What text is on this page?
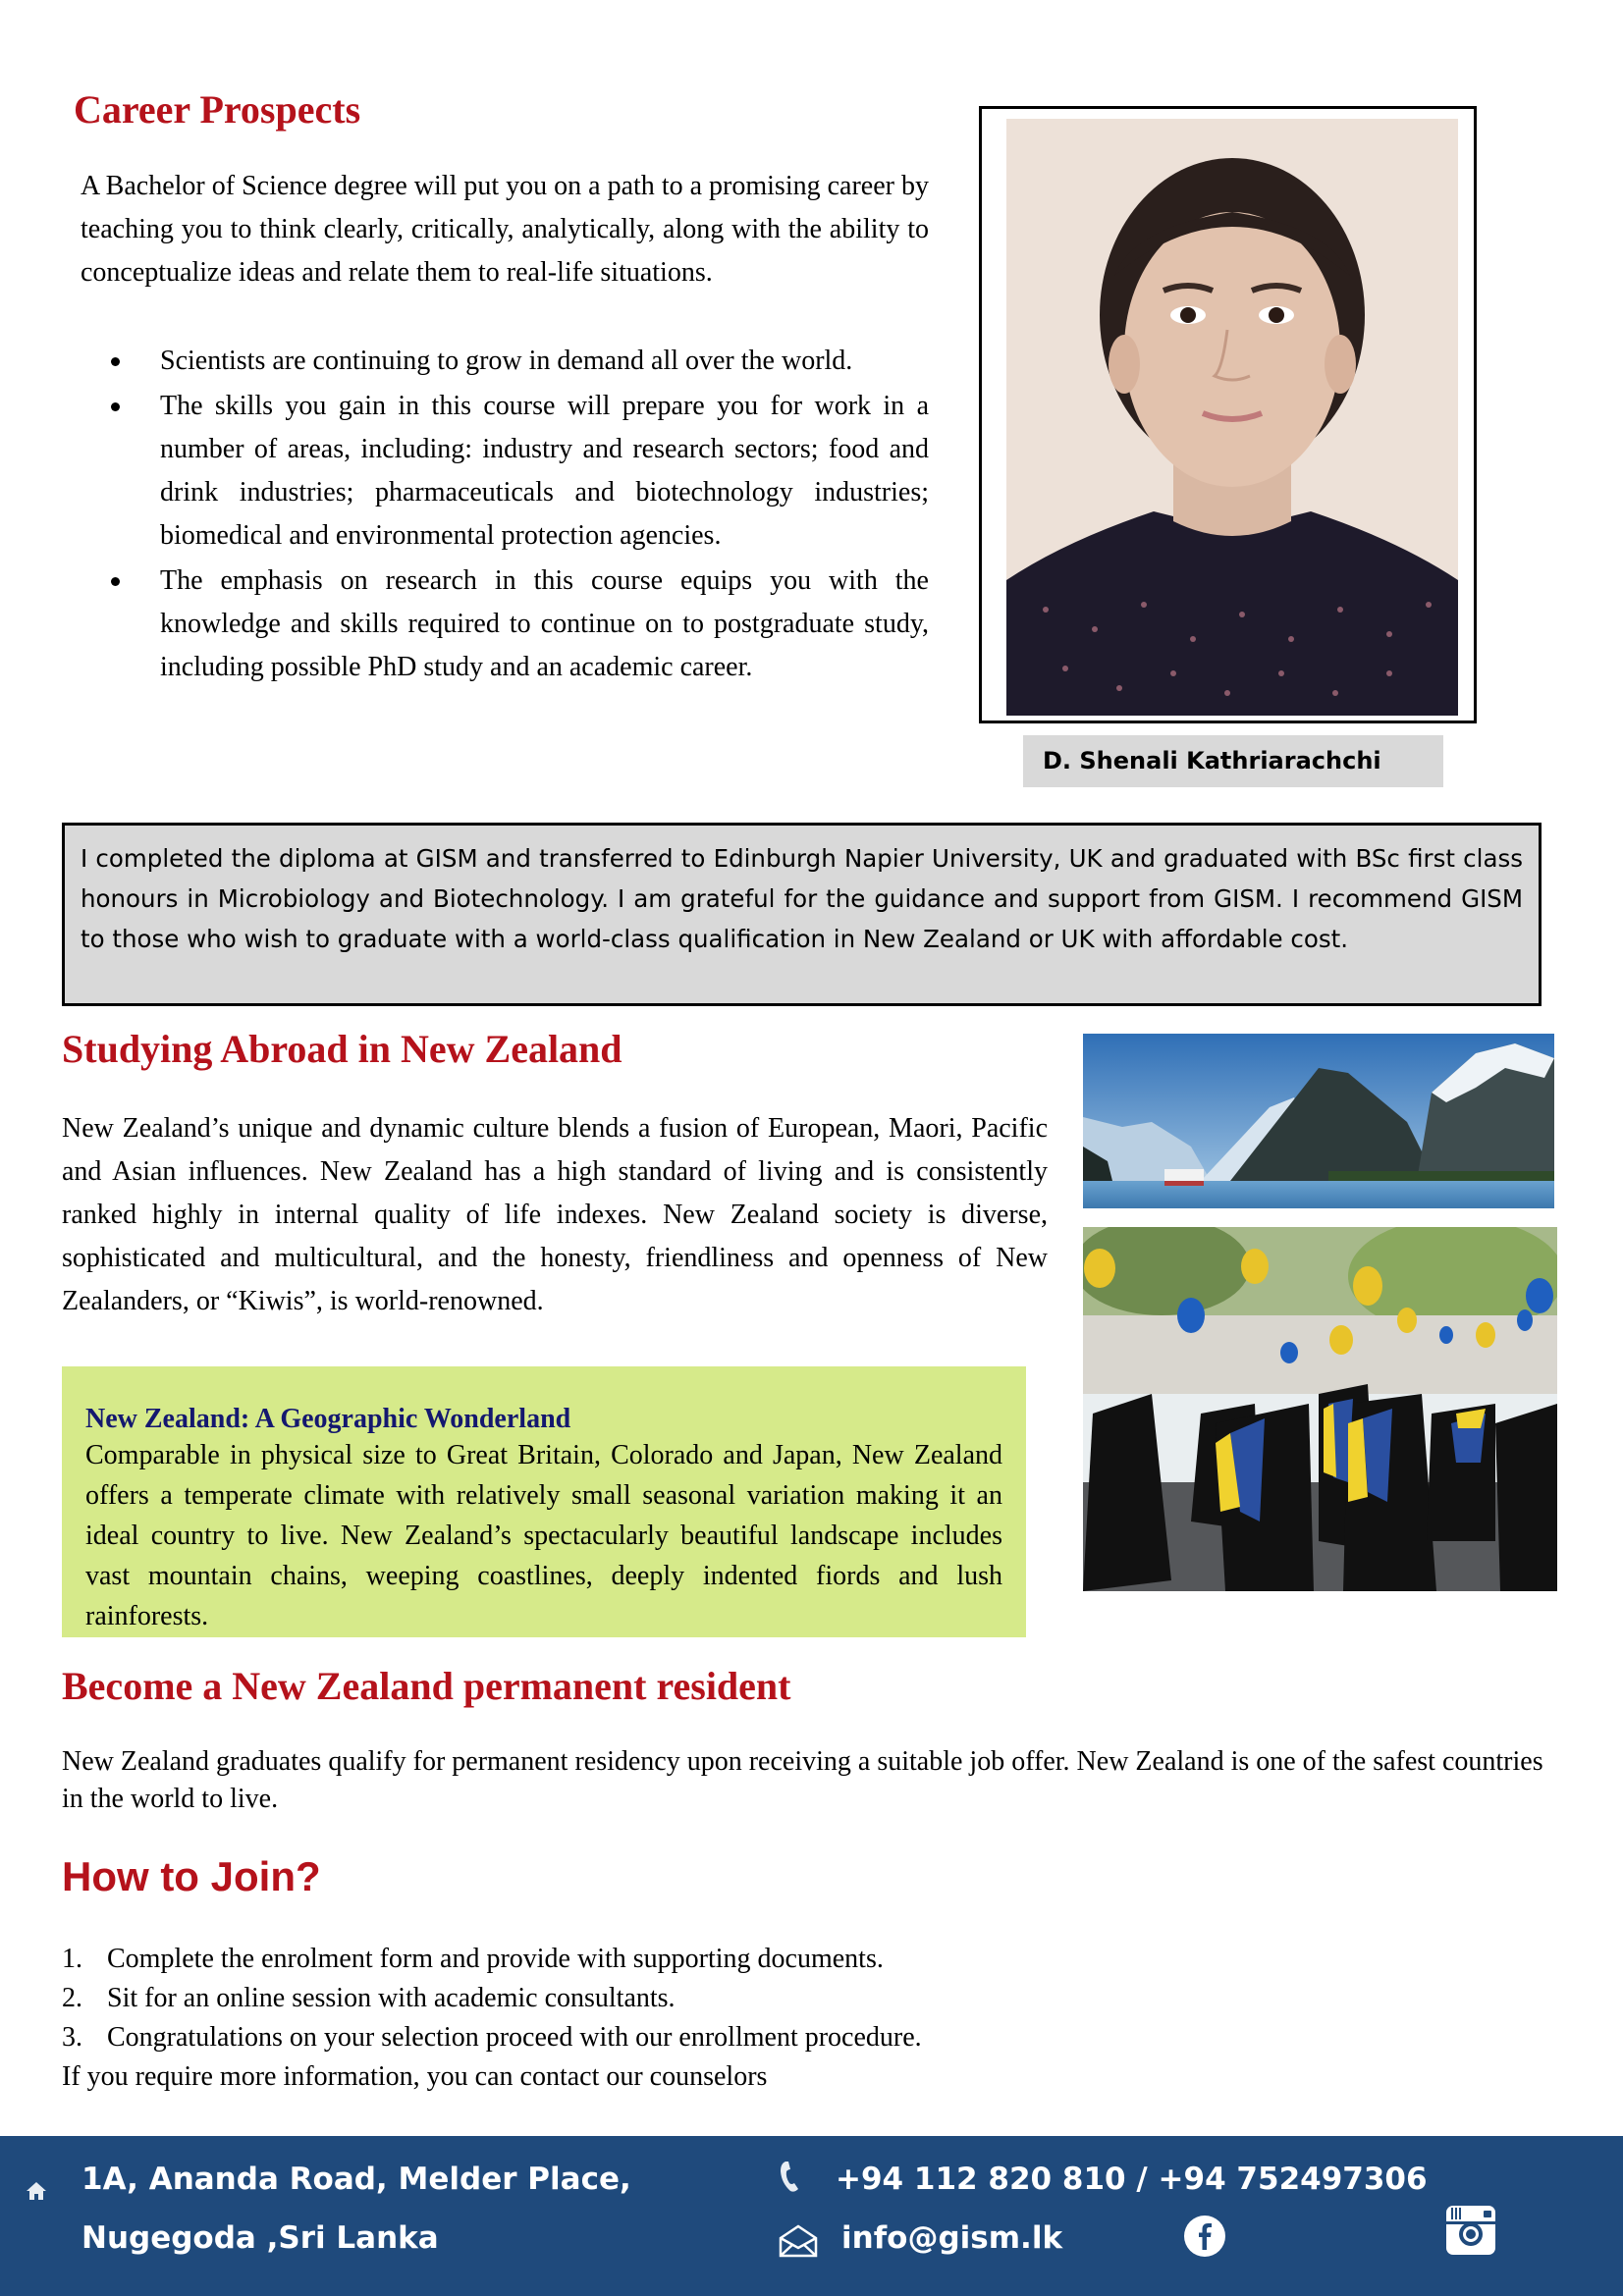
Career Prospects

A Bachelor of Science degree will put you on a path to a promising career by teaching you to think clearly, critically, analytically, along with the ability to conceptualize ideas and relate them to real-life situations.

Scientists are continuing to grow in demand all over the world.
The skills you gain in this course will prepare you for work in a number of areas, including: industry and research sectors; food and drink industries; pharmaceuticals and biotechnology industries; biomedical and environmental protection agencies.
The emphasis on research in this course equips you with the knowledge and skills required to continue on to postgraduate study, including possible PhD study and an academic career.
D. Shenali Kathriarachchi
I completed the diploma at GISM and transferred to Edinburgh Napier University, UK and graduated with BSc first class honours in Microbiology and Biotechnology. I am grateful for the guidance and support from GISM. I recommend GISM to those who wish to graduate with a world-class qualification in New Zealand or UK with affordable cost.
Studying Abroad in New Zealand

New Zealand’s unique and dynamic culture blends a fusion of European, Maori, Pacific and Asian influences. New Zealand has a high standard of living and is consistently ranked highly in internal quality of life indexes. New Zealand society is diverse, sophisticated and multicultural, and the honesty, friendliness and openness of New Zealanders, or “Kiwis”, is world-renowned.

New Zealand: A Geographic Wonderland

Comparable in physical size to Great Britain, Colorado and Japan, New Zealand offers a temperate climate with relatively small seasonal variation making it an ideal country to live. New Zealand’s spectacularly beautiful landscape includes vast mountain chains, weeping coastlines, deeply indented fiords and lush rainforests.

Become a New Zealand permanent resident

New Zealand graduates qualify for permanent residency upon receiving a suitable job offer. New Zealand is one of the safest countries in the world to live.

How to Join?
1. Complete the enrolment form and provide with supporting documents.
2. Sit for an online session with academic consultants.
3. Congratulations on your selection proceed with our enrollment procedure.

If you require more information, you can contact our counselors

1A, Ananda Road, Melder Place,
Nugegoda ,Sri Lanka
+94 112 820 810 / +94 752497306
info@gism.lk
